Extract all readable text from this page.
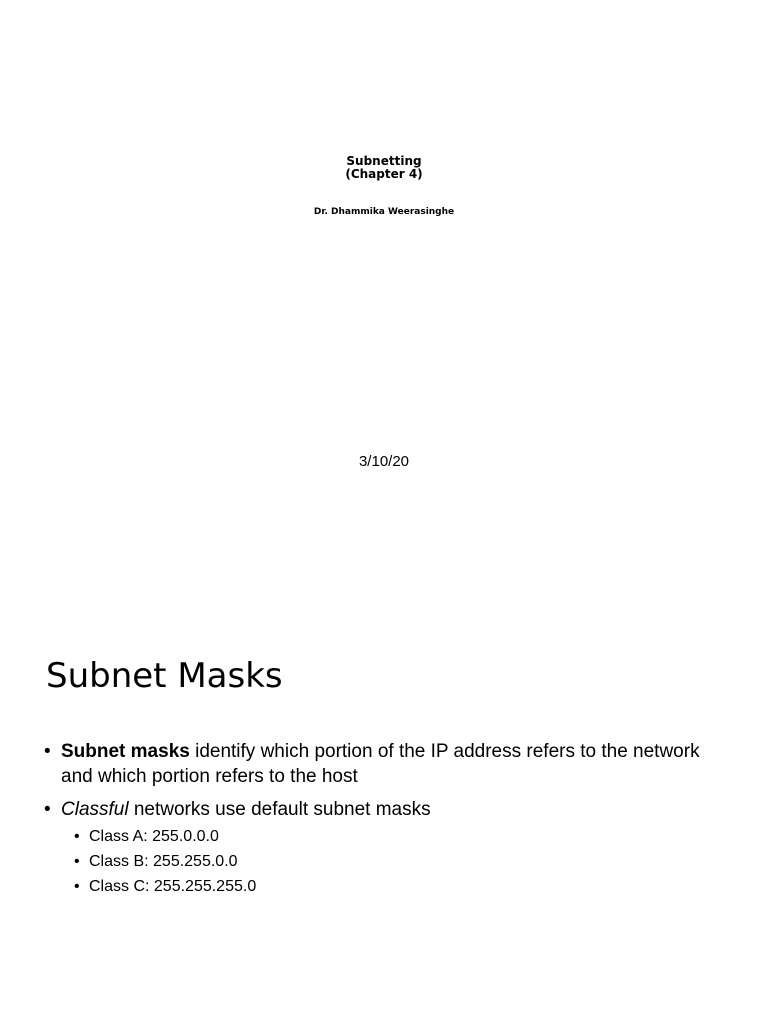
Subnetting
(Chapter 4)
Dr. Dhammika Weerasinghe
3/10/20
Subnet Masks
• Subnet masks identify which portion of the IP address refers to the network and which portion refers to the host

• Classful networks use default subnet masks

• Class A: 255.0.0.0
• Class B: 255.255.0.0
• Class C: 255.255.255.0
